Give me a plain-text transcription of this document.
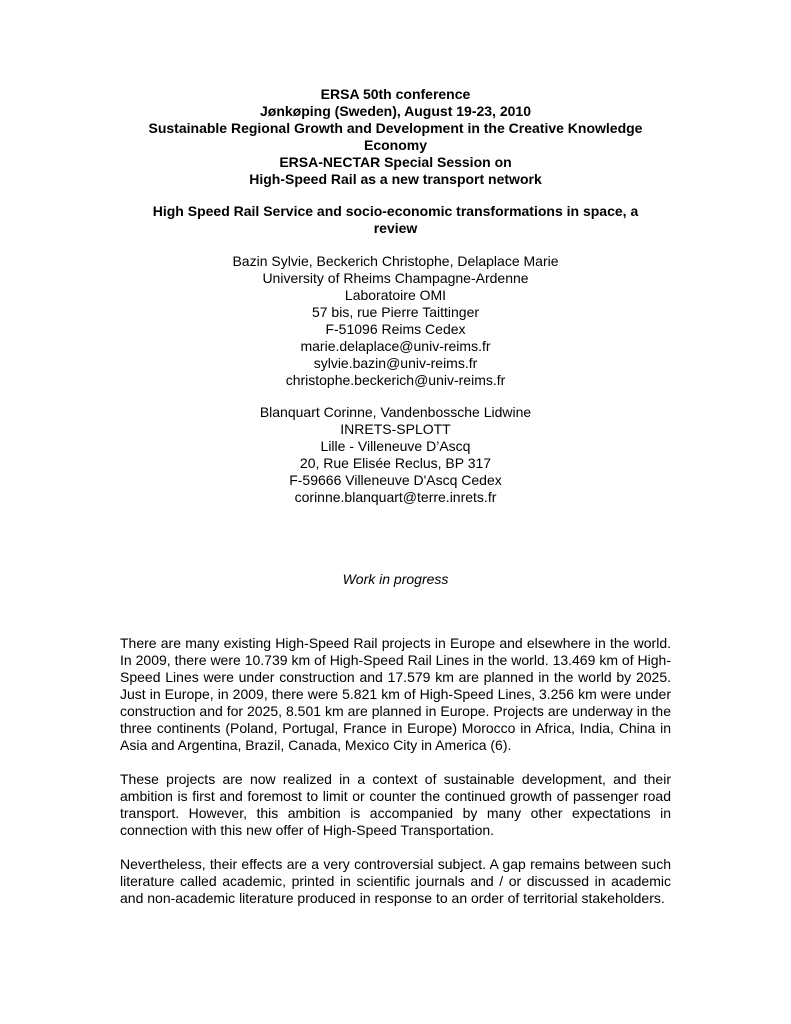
ERSA 50th conference
Jønkøping (Sweden), August 19-23, 2010
Sustainable Regional Growth and Development in the Creative Knowledge
Economy
ERSA-NECTAR Special Session on
High-Speed Rail as a new transport network
High Speed Rail Service and socio-economic transformations in space, a
review
Bazin Sylvie, Beckerich Christophe, Delaplace Marie
University of Rheims Champagne-Ardenne
Laboratoire OMI
57 bis, rue Pierre Taittinger
F-51096 Reims Cedex
marie.delaplace@univ-reims.fr
sylvie.bazin@univ-reims.fr
christophe.beckerich@univ-reims.fr
Blanquart Corinne, Vandenbossche Lidwine
INRETS-SPLOTT
Lille - Villeneuve D’Ascq
20, Rue Elisée Reclus, BP 317
F-59666 Villeneuve D'Ascq Cedex
corinne.blanquart@terre.inrets.fr
Work in progress

There are many existing High-Speed Rail projects in Europe and elsewhere in the world. In 2009, there were 10.739 km of High-Speed Rail Lines in the world. 13.469 km of High-Speed Lines were under construction and 17.579 km are planned in the world by 2025. Just in Europe, in 2009, there were 5.821 km of High-Speed Lines, 3.256 km were under construction and for 2025, 8.501 km are planned in Europe. Projects are underway in the three continents (Poland, Portugal, France in Europe) Morocco in Africa, India, China in Asia and Argentina, Brazil, Canada, Mexico City in America (6).

These projects are now realized in a context of sustainable development, and their ambition is first and foremost to limit or counter the continued growth of passenger road transport. However, this ambition is accompanied by many other expectations in connection with this new offer of High-Speed Transportation.

Nevertheless, their effects are a very controversial subject. A gap remains between such literature called academic, printed in scientific journals and / or discussed in academic and non-academic literature produced in response to an order of territorial stakeholders.
